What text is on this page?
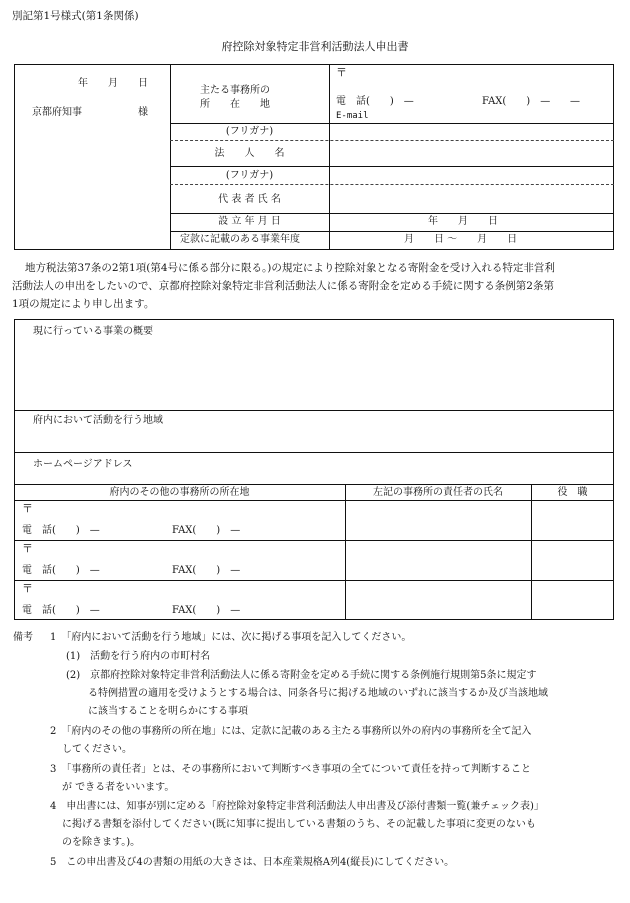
別記第1号様式(第1条関係)
府控除対象特定非営利活動法人申出書
年　　月　　日
京都府知事	様
主たる事務所の
所　　在　　地
〒
電　話(　　)　—	FAX(　　)　— —
E-mail
(フリガナ)
法　　人　　名
(フリガナ)
代 表 者 氏 名
設 立 年 月 日	年　　月　　日
定款に記載のある事業年度	月　　日 ～　　月　　日
地方税法第37条の2第1項(第4号に係る部分に限る。)の規定により控除対象となる寄附金を受け入れる特定非営利
活動法人の申出をしたいので、京都府控除対象特定非営利活動法人に係る寄附金を定める手続に関する条例第2条第
1項の規定により申し出ます。
現に行っている事業の概要
府内において活動を行う地域
ホームページアドレス
府内のその他の事務所の所在地	左記の事務所の責任者の氏名	役　職
〒
電　話(　　)　—	FAX(　　)　—
〒
電　話(　　)　—	FAX(　　)　—
〒
電　話(　　)　—	FAX(　　)　—
備考 1　「府内において活動を行う地域」には、次に掲げる事項を記入してください。
(1)　活動を行う府内の市町村名
(2)　京都府控除対象特定非営利活動法人に係る寄附金を定める手続に関する条例施行規則第5条に規定す
る特例措置の適用を受けようとする場合は、同条各号に掲げる地域のいずれに該当するか及び当該地域
に該当することを明らかにする事項
2　「府内のその他の事務所の所在地」には、定款に記載のある主たる事務所以外の府内の事務所を全て記入
してください。
3　「事務所の責任者」とは、その事務所において判断すべき事項の全てについて責任を持って判断すること
が できる者をいいます。
4　申出書には、知事が別に定める「府控除対象特定非営利活動法人申出書及び添付書類一覧(兼チェック表)」
に掲げる書類を添付してください(既に知事に提出している書類のうち、その記載した事項に変更のないも
のを除きます。)。
5　この申出書及び4の書類の用紙の大きさは、日本産業規格A列4(縦長)にしてください。
